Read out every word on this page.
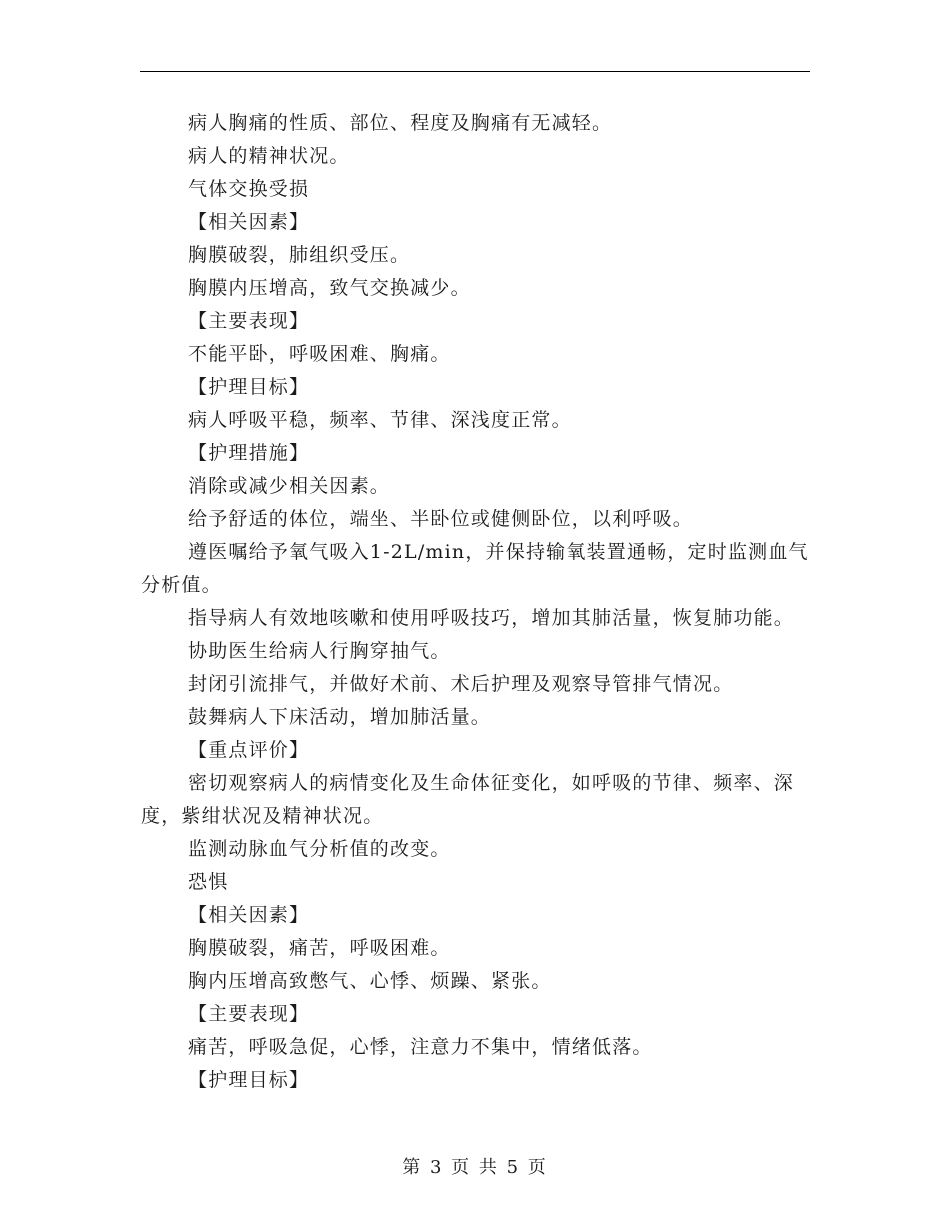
病人胸痛的性质、部位、程度及胸痛有无减轻。

病人的精神状况。

气体交换受损

【相关因素】

胸膜破裂，肺组织受压。

胸膜内压增高，致气交换减少。

【主要表现】

不能平卧，呼吸困难、胸痛。

【护理目标】

病人呼吸平稳，频率、节律、深浅度正常。

【护理措施】

消除或减少相关因素。

给予舒适的体位，端坐、半卧位或健侧卧位，以利呼吸。

遵医嘱给予氧气吸入1-2L/min，并保持输氧装置通畅，定时监测血气分析值。

指导病人有效地咳嗽和使用呼吸技巧，增加其肺活量，恢复肺功能。

协助医生给病人行胸穿抽气。

封闭引流排气，并做好术前、术后护理及观察导管排气情况。

鼓舞病人下床活动，增加肺活量。

【重点评价】

密切观察病人的病情变化及生命体征变化，如呼吸的节律、频率、深度，紫绀状况及精神状况。

监测动脉血气分析值的改变。

恐惧

【相关因素】

胸膜破裂，痛苦，呼吸困难。

胸内压增高致憋气、心悸、烦躁、紧张。

【主要表现】

痛苦，呼吸急促，心悸，注意力不集中，情绪低落。

【护理目标】

第 3 页 共 5 页
